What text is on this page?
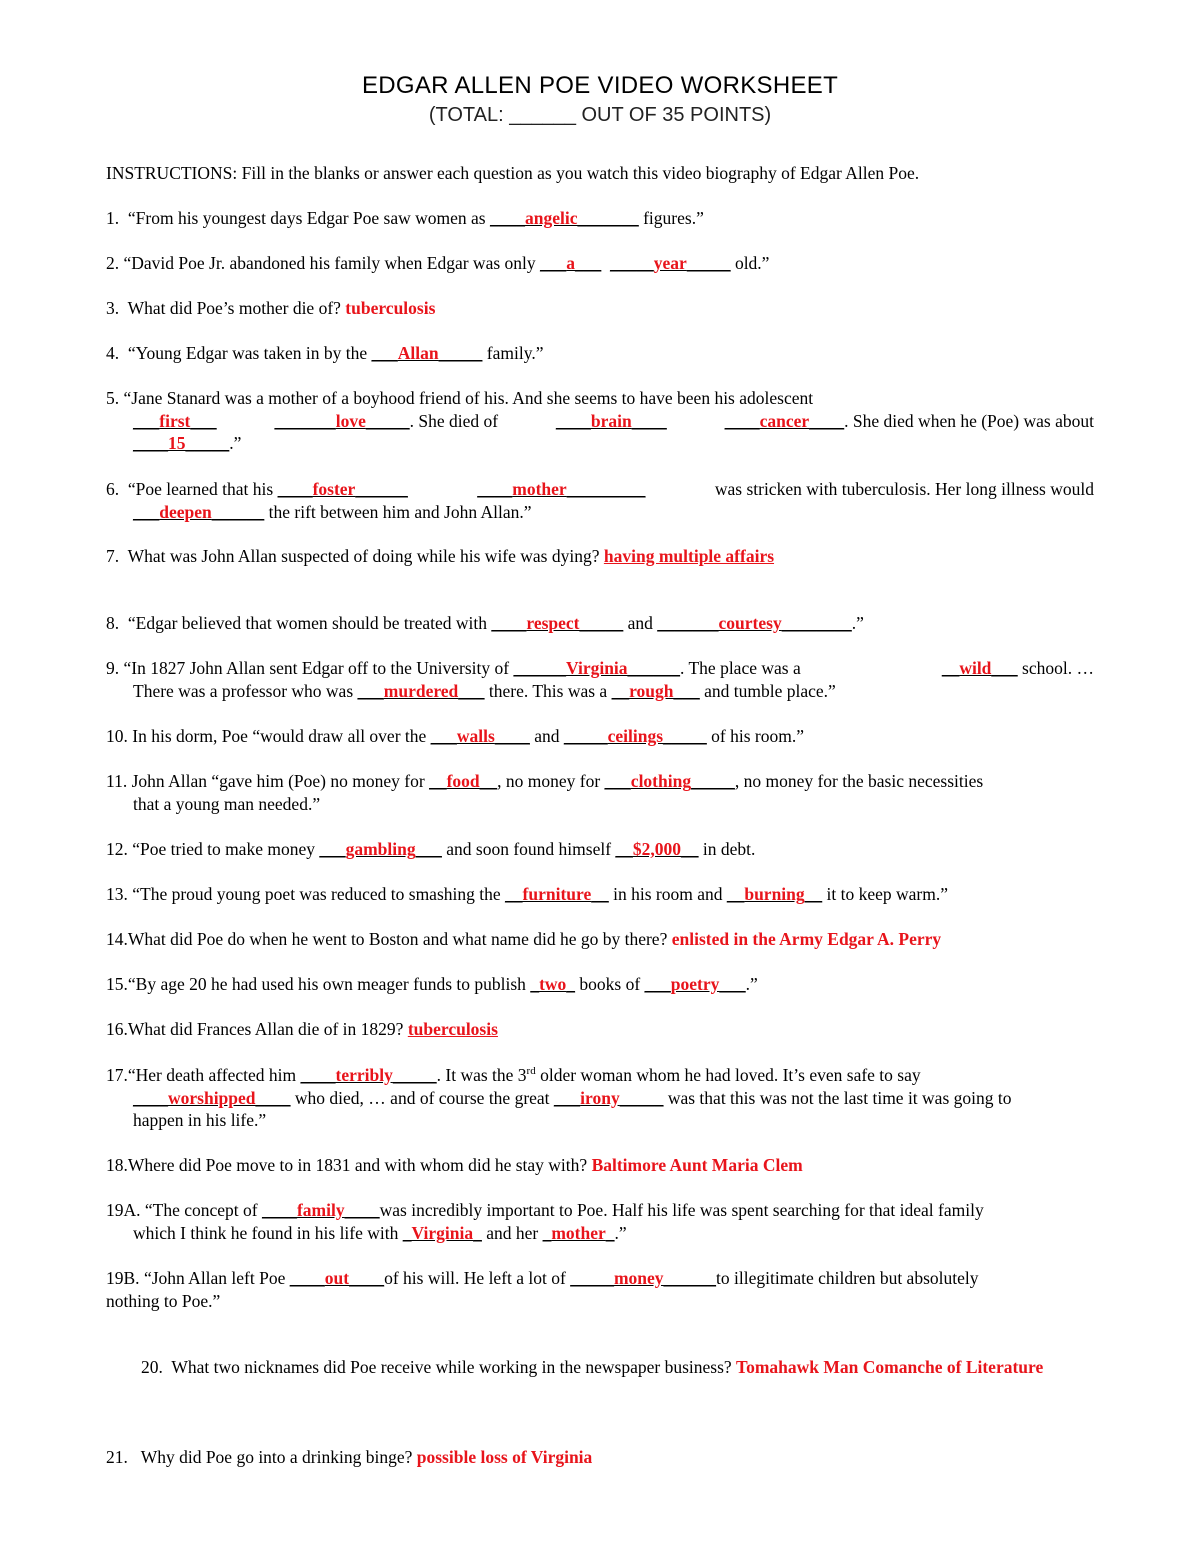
EDGAR ALLEN POE VIDEO WORKSHEET
(TOTAL: ______ OUT OF 35 POINTS)
INSTRUCTIONS: Fill in the blanks or answer each question as you watch this video biography of Edgar Allen Poe.
1. “From his youngest days Edgar Poe saw women as ____angelic_______ figures.”
2. “David Poe Jr. abandoned his family when Edgar was only ___a___ _____year_____ old.”
3. What did Poe’s mother die of? tuberculosis
4. “Young Edgar was taken in by the ___Allan_____ family.”
5. “Jane Stanard was a mother of a boyhood friend of his. And she seems to have been his adolescent
___first___	_______love_____. She died of	____brain____	____cancer____. She died when he (Poe) was about
____15_____.”
6. “Poe learned that his ____foster______	____mother_________	was stricken with tuberculosis. Her long illness would
___deepen______ the rift between him and John Allan.”
7. What was John Allan suspected of doing while his wife was dying? having multiple affairs
8. “Edgar believed that women should be treated with ____respect_____ and _______courtesy________.”
9. “In 1827 John Allan sent Edgar off to the University of ______Virginia______. The place was a	__wild___ school. …
There was a professor who was ___murdered___ there. This was a __rough___ and tumble place.”
10. In his dorm, Poe “would draw all over the ___walls____ and _____ceilings_____ of his room.”
11. John Allan “gave him (Poe) no money for __food__, no money for ___clothing_____, no money for the basic necessities
that a young man needed.”
12. “Poe tried to make money ___gambling___ and soon found himself __$2,000__ in debt.
13. “The proud young poet was reduced to smashing the __furniture__ in his room and __burning__ it to keep warm.”
14.What did Poe do when he went to Boston and what name did he go by there? enlisted in the Army Edgar A. Perry
15.“By age 20 he had used his own meager funds to publish _two_ books of ___poetry___.”
16.What did Frances Allan die of in 1829? tuberculosis
17.“Her death affected him ____terribly_____. It was the 3rd older woman whom he had loved. It’s even safe to say
____worshipped____ who died, … and of course the great ___irony_____ was that this was not the last time it was going to
happen in his life.”
18.Where did Poe move to in 1831 and with whom did he stay with? Baltimore Aunt Maria Clem
19A. “The concept of ____family____was incredibly important to Poe. Half his life was spent searching for that ideal family
which I think he found in his life with _Virginia_ and her _mother_.”
19B. “John Allan left Poe ____out____of his will. He left a lot of _____money______to illegitimate children but absolutely
nothing to Poe.”
20. What two nicknames did Poe receive while working in the newspaper business? Tomahawk Man Comanche of Literature
21. Why did Poe go into a drinking binge? possible loss of Virginia
